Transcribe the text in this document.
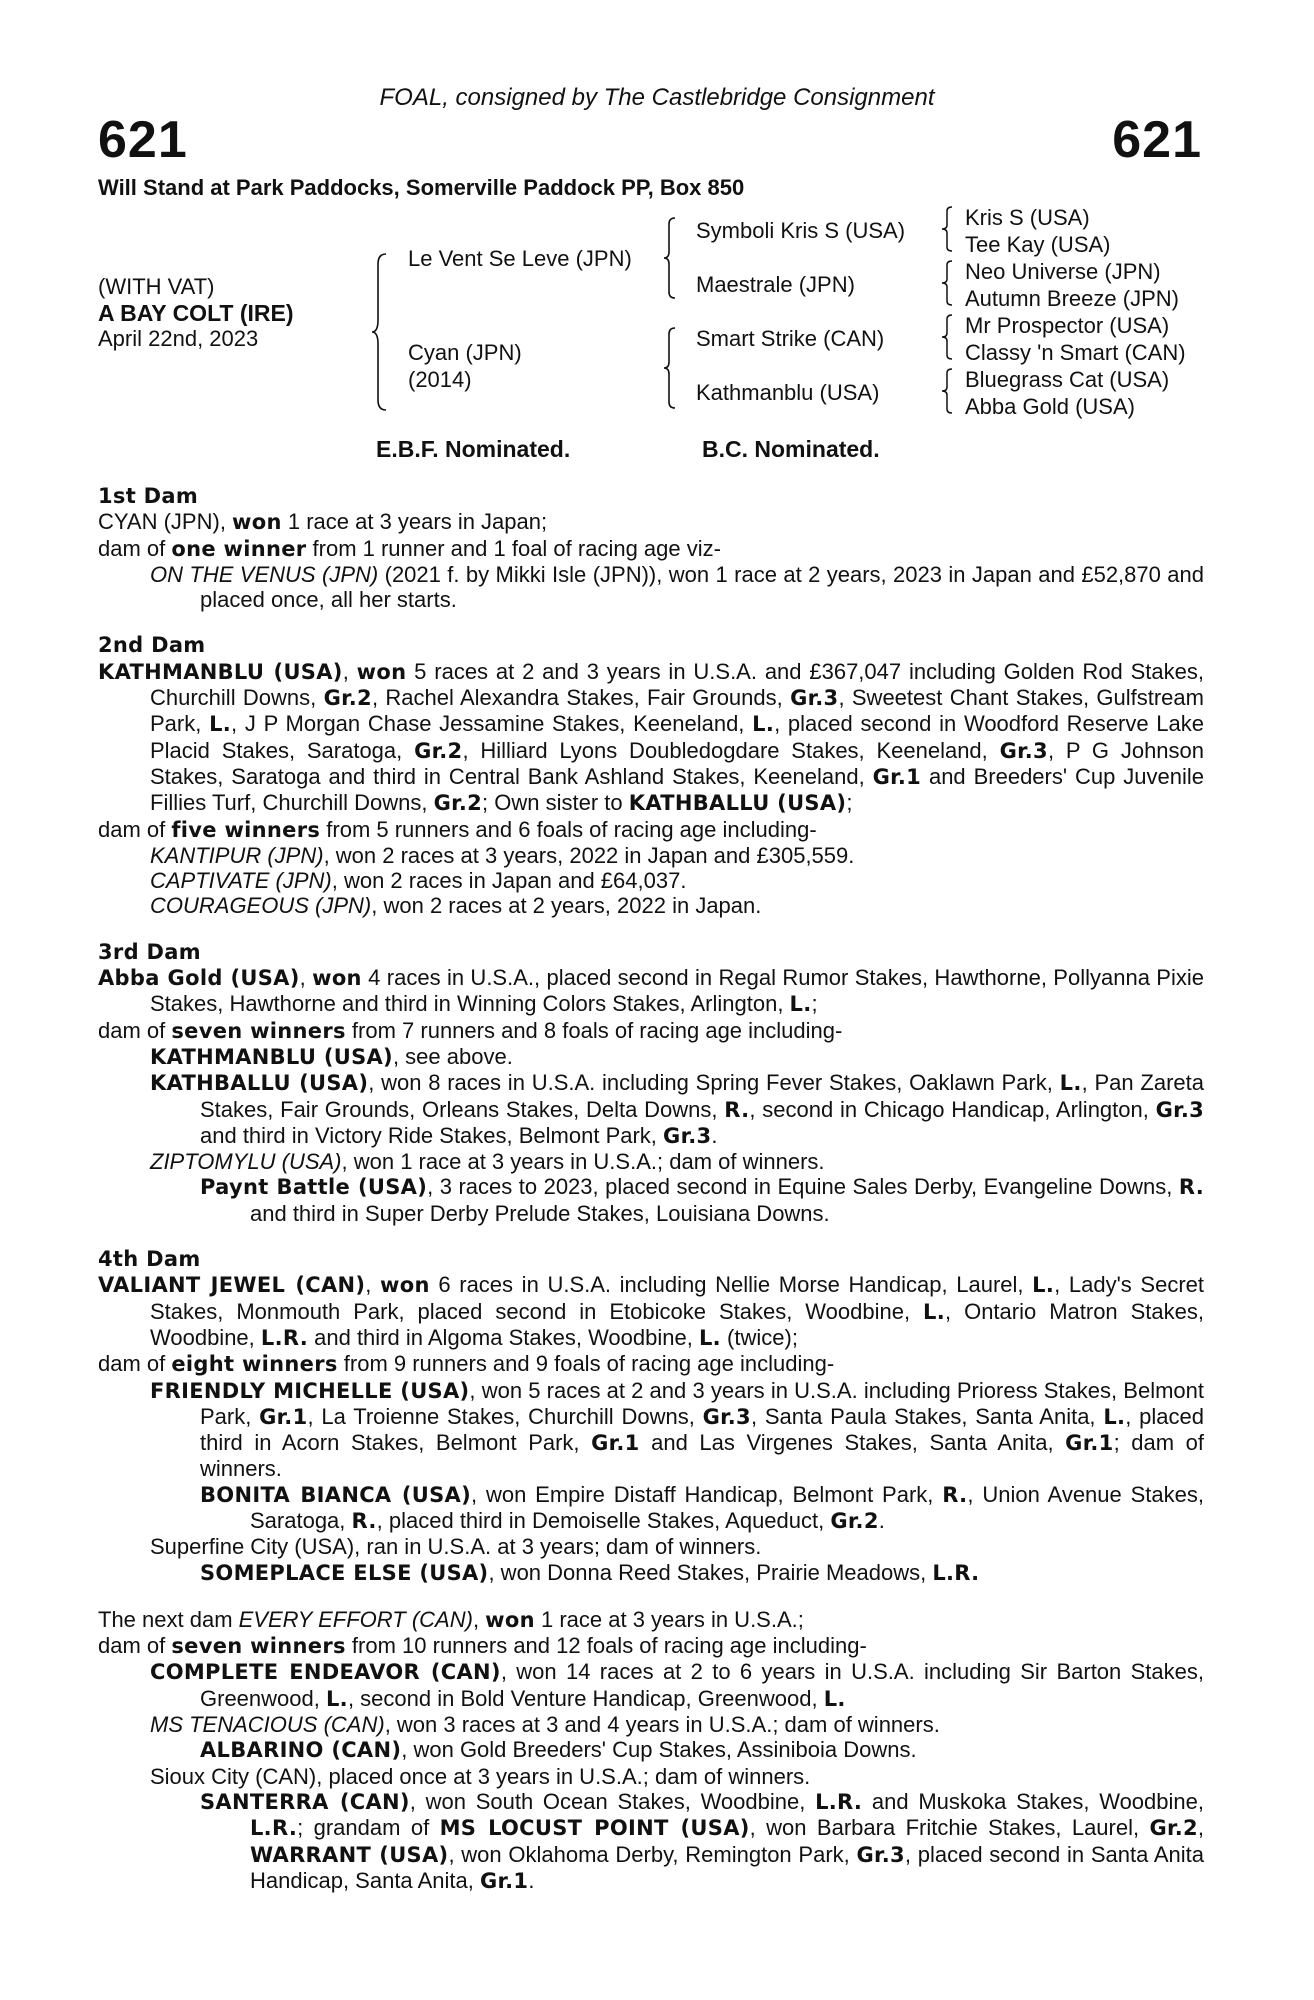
FOAL, consigned by The Castlebridge Consignment
621	621
Will Stand at Park Paddocks, Somerville Paddock PP, Box 850
(WITH VAT)
A BAY COLT (IRE)
April 22nd, 2023
Le Vent Se Leve (JPN)
Cyan (JPN)
(2014)
Symboli Kris S (USA)
Maestrale (JPN)
Smart Strike (CAN)
Kathmanblu (USA)
Kris S (USA)
Tee Kay (USA)
Neo Universe (JPN)
Autumn Breeze (JPN)
Mr Prospector (USA)
Classy 'n Smart (CAN)
Bluegrass Cat (USA)
Abba Gold (USA)
E.B.F. Nominated.	B.C. Nominated.
1st Dam
CYAN (JPN), won 1 race at 3 years in Japan;
dam of one winner from 1 runner and 1 foal of racing age viz-
ON THE VENUS (JPN) (2021 f. by Mikki Isle (JPN)), won 1 race at 2 years, 2023 in Japan and £52,870 and placed once, all her starts.
2nd Dam
KATHMANBLU (USA), won 5 races at 2 and 3 years in U.S.A. and £367,047 including Golden Rod Stakes, Churchill Downs, Gr.2, Rachel Alexandra Stakes, Fair Grounds, Gr.3, Sweetest Chant Stakes, Gulfstream Park, L., J P Morgan Chase Jessamine Stakes, Keeneland, L., placed second in Woodford Reserve Lake Placid Stakes, Saratoga, Gr.2, Hilliard Lyons Doubledogdare Stakes, Keeneland, Gr.3, P G Johnson Stakes, Saratoga and third in Central Bank Ashland Stakes, Keeneland, Gr.1 and Breeders' Cup Juvenile Fillies Turf, Churchill Downs, Gr.2; Own sister to KATHBALLU (USA);
dam of five winners from 5 runners and 6 foals of racing age including-
KANTIPUR (JPN), won 2 races at 3 years, 2022 in Japan and £305,559.
CAPTIVATE (JPN), won 2 races in Japan and £64,037.
COURAGEOUS (JPN), won 2 races at 2 years, 2022 in Japan.
3rd Dam
Abba Gold (USA), won 4 races in U.S.A., placed second in Regal Rumor Stakes, Hawthorne, Pollyanna Pixie Stakes, Hawthorne and third in Winning Colors Stakes, Arlington, L.;
dam of seven winners from 7 runners and 8 foals of racing age including-
KATHMANBLU (USA), see above.
KATHBALLU (USA), won 8 races in U.S.A. including Spring Fever Stakes, Oaklawn Park, L., Pan Zareta Stakes, Fair Grounds, Orleans Stakes, Delta Downs, R., second in Chicago Handicap, Arlington, Gr.3 and third in Victory Ride Stakes, Belmont Park, Gr.3.
ZIPTOMYLU (USA), won 1 race at 3 years in U.S.A.; dam of winners.
Paynt Battle (USA), 3 races to 2023, placed second in Equine Sales Derby, Evangeline Downs, R. and third in Super Derby Prelude Stakes, Louisiana Downs.
4th Dam
VALIANT JEWEL (CAN), won 6 races in U.S.A. including Nellie Morse Handicap, Laurel, L., Lady's Secret Stakes, Monmouth Park, placed second in Etobicoke Stakes, Woodbine, L., Ontario Matron Stakes, Woodbine, L.R. and third in Algoma Stakes, Woodbine, L. (twice);
dam of eight winners from 9 runners and 9 foals of racing age including-
FRIENDLY MICHELLE (USA), won 5 races at 2 and 3 years in U.S.A. including Prioress Stakes, Belmont Park, Gr.1, La Troienne Stakes, Churchill Downs, Gr.3, Santa Paula Stakes, Santa Anita, L., placed third in Acorn Stakes, Belmont Park, Gr.1 and Las Virgenes Stakes, Santa Anita, Gr.1; dam of winners.
BONITA BIANCA (USA), won Empire Distaff Handicap, Belmont Park, R., Union Avenue Stakes, Saratoga, R., placed third in Demoiselle Stakes, Aqueduct, Gr.2.
Superfine City (USA), ran in U.S.A. at 3 years; dam of winners.
SOMEPLACE ELSE (USA), won Donna Reed Stakes, Prairie Meadows, L.R.
The next dam EVERY EFFORT (CAN), won 1 race at 3 years in U.S.A.;
dam of seven winners from 10 runners and 12 foals of racing age including-
COMPLETE ENDEAVOR (CAN), won 14 races at 2 to 6 years in U.S.A. including Sir Barton Stakes, Greenwood, L., second in Bold Venture Handicap, Greenwood, L.
MS TENACIOUS (CAN), won 3 races at 3 and 4 years in U.S.A.; dam of winners.
ALBARINO (CAN), won Gold Breeders' Cup Stakes, Assiniboia Downs.
Sioux City (CAN), placed once at 3 years in U.S.A.; dam of winners.
SANTERRA (CAN), won South Ocean Stakes, Woodbine, L.R. and Muskoka Stakes, Woodbine, L.R.; grandam of MS LOCUST POINT (USA), won Barbara Fritchie Stakes, Laurel, Gr.2, WARRANT (USA), won Oklahoma Derby, Remington Park, Gr.3, placed second in Santa Anita Handicap, Santa Anita, Gr.1.
